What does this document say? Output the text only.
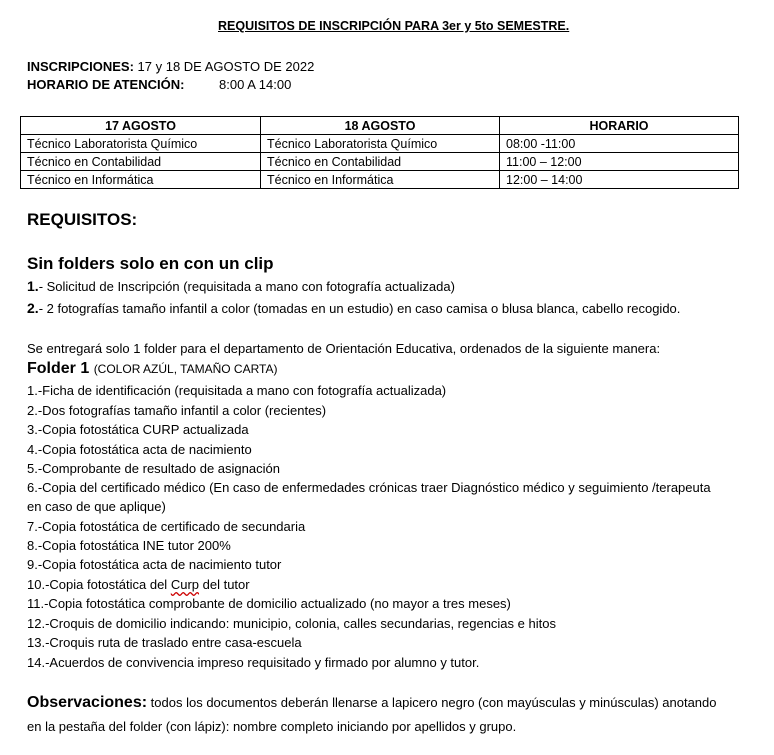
REQUISITOS DE INSCRIPCIÓN PARA 3er y 5to SEMESTRE.
INSCRIPCIONES: 17 y 18 DE AGOSTO DE 2022
HORARIO DE ATENCIÓN:	8:00 A 14:00
17 AGOSTO	18 AGOSTO	HORARIO
Técnico Laboratorista Químico	Técnico Laboratorista Químico	08:00 -11:00
Técnico en Contabilidad	Técnico en Contabilidad	11:00 – 12:00
Técnico en Informática	Técnico en Informática	12:00 – 14:00
REQUISITOS:
Sin folders solo en con un clip
1.- Solicitud de Inscripción (requisitada a mano con fotografía actualizada)
2.- 2 fotografías tamaño infantil a color (tomadas en un estudio) en caso camisa o blusa blanca, cabello recogido.
Se entregará solo 1 folder para el departamento de Orientación Educativa, ordenados de la siguiente manera:
Folder 1 (COLOR AZÚL, TAMAÑO CARTA)
1.-Ficha de identificación (requisitada a mano con fotografía actualizada)
2.-Dos fotografías tamaño infantil a color (recientes)
3.-Copia fotostática CURP actualizada
4.-Copia fotostática acta de nacimiento
5.-Comprobante de resultado de asignación
6.-Copia del certificado médico (En caso de enfermedades crónicas traer Diagnóstico médico y seguimiento /terapeuta
en caso de que aplique)
7.-Copia fotostática de certificado de secundaria
8.-Copia fotostática INE tutor 200%
9.-Copia fotostática acta de nacimiento tutor
10.-Copia fotostática del Curp del tutor
11.-Copia fotostática comprobante de domicilio actualizado (no mayor a tres meses)
12.-Croquis de domicilio indicando: municipio, colonia, calles secundarias, regencias e hitos
13.-Croquis ruta de traslado entre casa-escuela
14.-Acuerdos de convivencia impreso requisitado y firmado por alumno y tutor.
Observaciones: todos los documentos deberán llenarse a lapicero negro (con mayúsculas y minúsculas) anotando
en la pestaña del folder (con lápiz): nombre completo iniciando por apellidos y grupo.
